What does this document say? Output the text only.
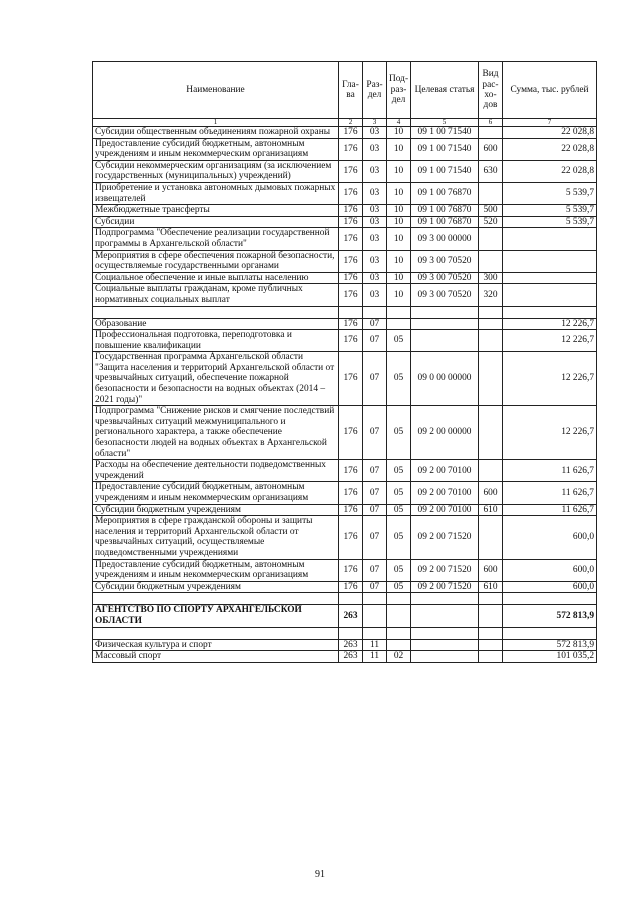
Наименование	Гла- ва	Раз- дел	Под- раз- дел	Целевая статья	Вид рас- хо- дов	Сумма, тыс. рублей
1	2	3	4	5	6	7
Субсидии общественным объединениям пожарной охраны	176	03	10	09 1 00 71540		22 028,8
Предоставление субсидий бюджетным, автономным учреждениям и иным некоммерческим организациям	176	03	10	09 1 00 71540	600	22 028,8
Субсидии некоммерческим организациям (за исключением государственных (муниципальных) учреждений)	176	03	10	09 1 00 71540	630	22 028,8
Приобретение и установка автономных дымовых пожарных извещателей	176	03	10	09 1 00 76870		5 539,7
Межбюджетные трансферты	176	03	10	09 1 00 76870	500	5 539,7
Субсидии	176	03	10	09 1 00 76870	520	5 539,7
Подпрограмма "Обеспечение реализации государственной программы в Архангельской области"	176	03	10	09 3 00 00000		
Мероприятия в сфере обеспечения пожарной безопасности, осуществляемые государственными органами	176	03	10	09 3 00 70520		
Социальное обеспечение и иные выплаты населению	176	03	10	09 3 00 70520	300	
Социальные выплаты гражданам, кроме публичных нормативных социальных выплат	176	03	10	09 3 00 70520	320	

Образование	176	07				12 226,7
Профессиональная подготовка, переподготовка и повышение квалификации	176	07	05			12 226,7
Государственная программа Архангельской области "Защита населения и территорий Архангельской области от чрезвычайных ситуаций, обеспечение пожарной безопасности и безопасности на водных объектах (2014 – 2021 годы)"	176	07	05	09 0 00 00000		12 226,7
Подпрограмма "Снижение рисков и смягчение последствий чрезвычайных ситуаций межмуниципального и регионального характера, а также обеспечение безопасности людей на водных объектах в Архангельской области"	176	07	05	09 2 00 00000		12 226,7
Расходы на обеспечение деятельности подведомственных учреждений	176	07	05	09 2 00 70100		11 626,7
Предоставление субсидий бюджетным, автономным учреждениям и иным некоммерческим организациям	176	07	05	09 2 00 70100	600	11 626,7
Субсидии бюджетным учреждениям	176	07	05	09 2 00 70100	610	11 626,7
Мероприятия в сфере гражданской обороны и защиты населения и территорий Архангельской области от чрезвычайных ситуаций, осуществляемые подведомственными учреждениями	176	07	05	09 2 00 71520		600,0
Предоставление субсидий бюджетным, автономным учреждениям и иным некоммерческим организациям	176	07	05	09 2 00 71520	600	600,0
Субсидии бюджетным учреждениям	176	07	05	09 2 00 71520	610	600,0

АГЕНТСТВО ПО СПОРТУ АРХАНГЕЛЬСКОЙ ОБЛАСТИ	263					572 813,9

Физическая культура и спорт	263	11				572 813,9
Массовый спорт	263	11	02			101 035,2
91
